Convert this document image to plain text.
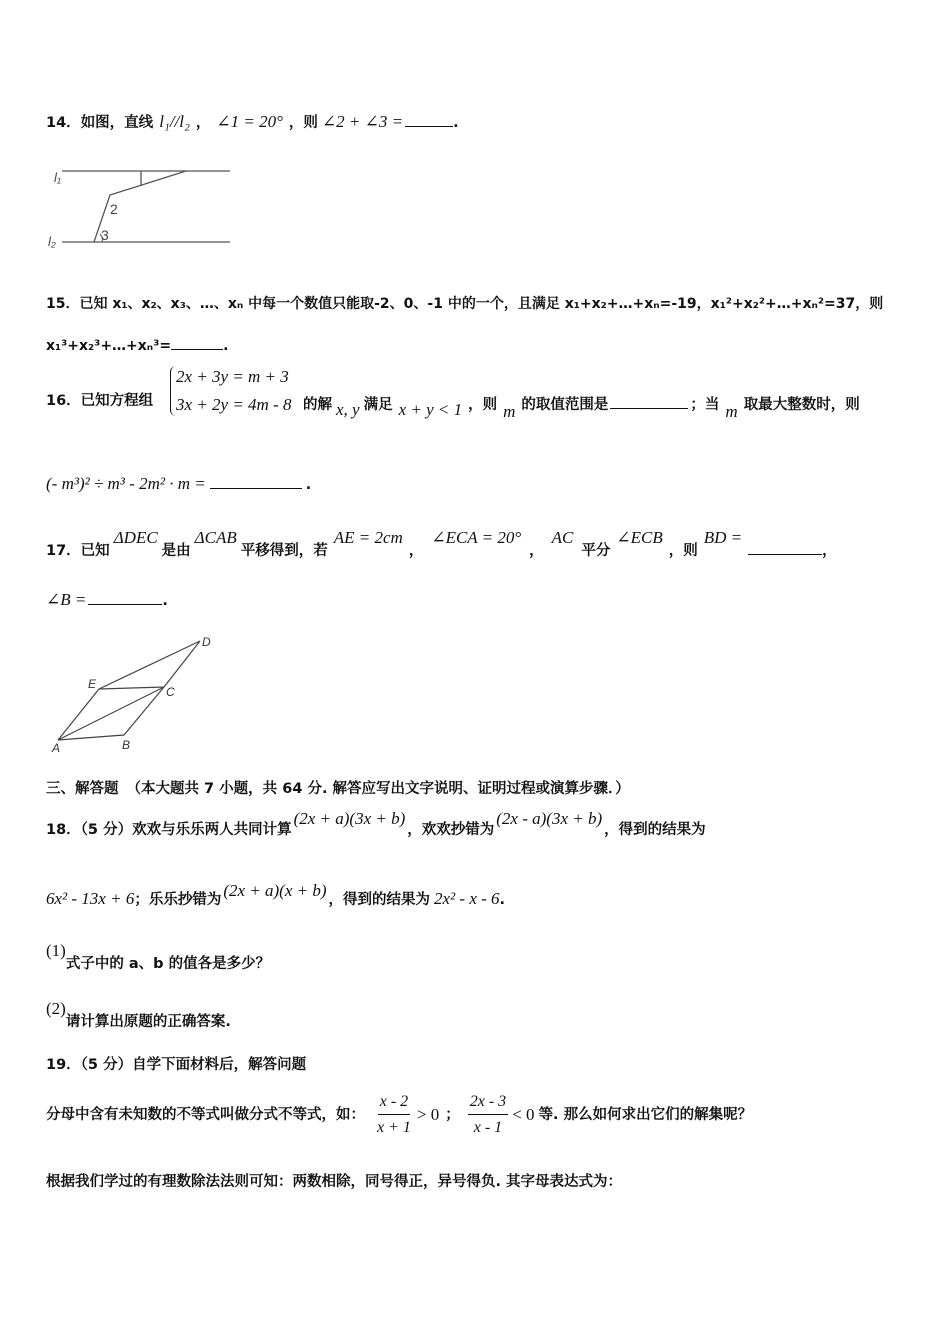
14．如图，直线 l₁//l₂ ， ∠1 = 20° ，则 ∠2 + ∠3 =	.
l₁
l₂
2
3
15．已知 x₁、x₂、x₃、…、xₙ 中每一个数值只能取-2、0、-1 中的一个，且满足 x₁+x₂+…+xₙ=-19，x₁²+x₂²+…+xₙ²=37，则
x₁³+x₂³+…+xₙ³=	.
16．已知方程组
2x + 3y = m + 3
3x + 2y = 4m - 8 的解 x, y 满足 x + y < 1 ，则 m 的取值范围是	；当 m 取最大整数时，则
(- m³)² ÷ m³ - 2m² · m =	.
17．已知ΔDEC是由ΔCAB平移得到，若AE = 2cm，∠ECA = 20°，AC平分∠ECB，则BD =，
∠B =	.
A	B
C
D
E
三、解答题 （本大题共 7 小题，共 64 分. 解答应写出文字说明、证明过程或演算步骤．）
18．（5 分）欢欢与乐乐两人共同计算(2x + a)(3x + b)，欢欢抄错为(2x - a)(3x + b)，得到的结果为
6x² - 13x + 6；乐乐抄错为 (2x + a)(x + b) ，得到的结果为 2x² - x - 6.
(1)式子中的 a、b 的值各是多少？
(2)请计算出原题的正确答案.
19．（5 分）自学下面材料后，解答问题
分母中含有未知数的不等式叫做分式不等式，如： $\frac{x - 2}{x + 1} > 0$ ； $\frac{2x - 3}{x - 1} < 0$ 等. 那么如何求出它们的解集呢？
根据我们学过的有理数除法法则可知：两数相除，同号得正，异号得负. 其字母表达式为：
